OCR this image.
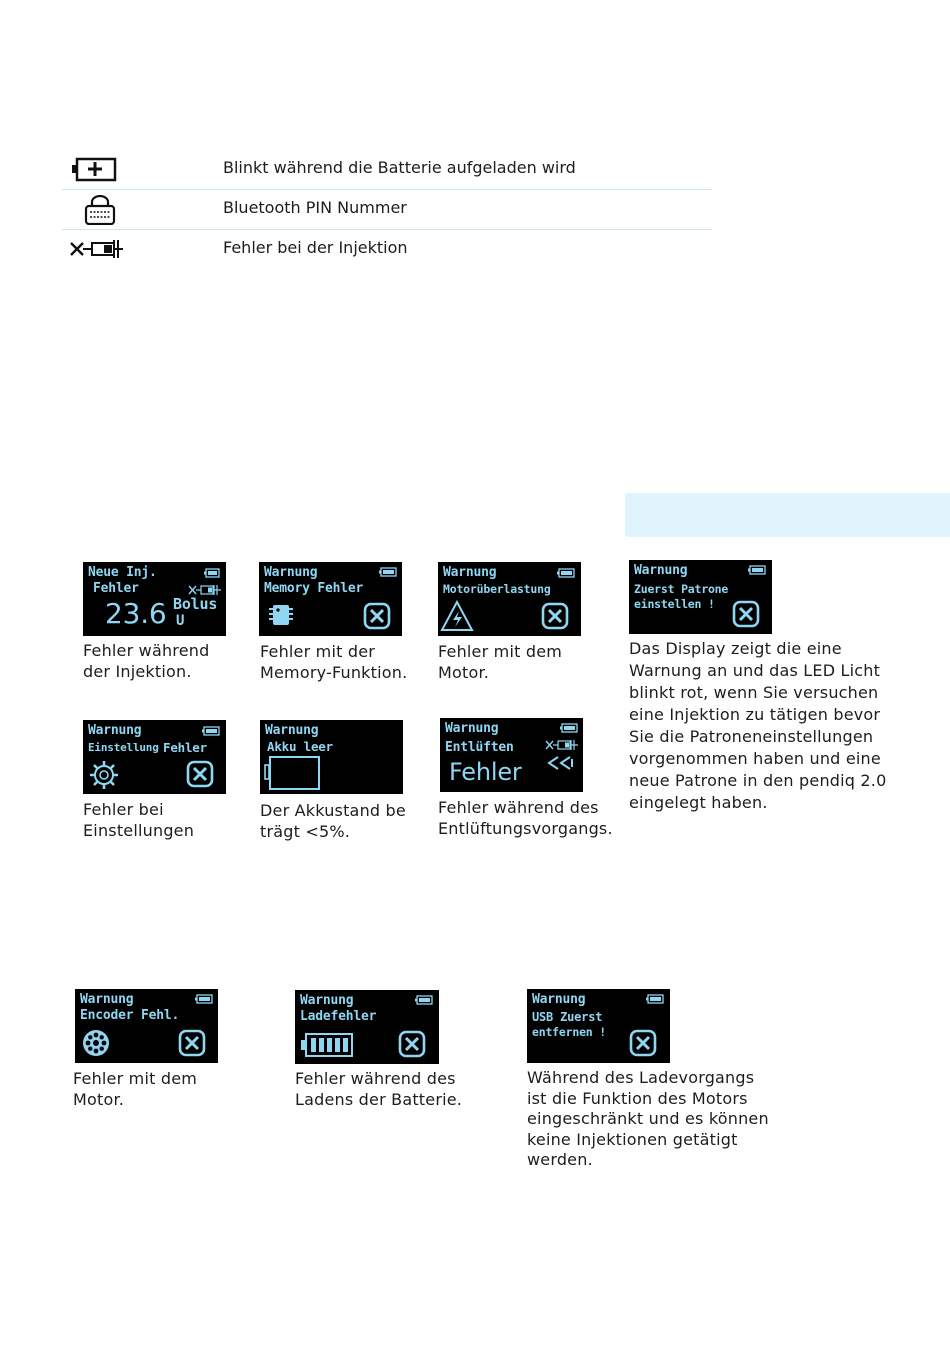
Blinkt während die Batterie aufgeladen wird
Bluetooth PIN Nummer
Fehler bei der Injektion
Neue Inj.
Fehler
23.6 Bolus
U
Fehler während
der Injektion.
Warnung
Memory Fehler
Fehler mit der
Memory-Funktion.
Warnung
Motorüberlastung
Fehler mit dem
Motor.
Warnung
Zuerst Patrone
einstellen !
Das Display zeigt die eine
Warnung an und das LED Licht
blinkt rot, wenn Sie versuchen
eine Injektion zu tätigen bevor
Sie die Patroneneinstellungen
vorgenommen haben und eine
neue Patrone in den pendiq 2.0
eingelegt haben.
Warnung
Einstellung Fehler
Fehler bei
Einstellungen
Warnung
Akku leer
Der Akkustand be
trägt <5%.
Warnung
Entlüften
Fehler
Fehler während des
Entlüftungsvorgangs.
Warnung
Encoder Fehl.
Fehler mit dem
Motor.
Warnung
Ladefehler
Fehler während des
Ladens der Batterie.
Warnung
USB Zuerst
entfernen !
Während des Ladevorgangs
ist die Funktion des Motors
eingeschränkt und es können
keine Injektionen getätigt
werden.
